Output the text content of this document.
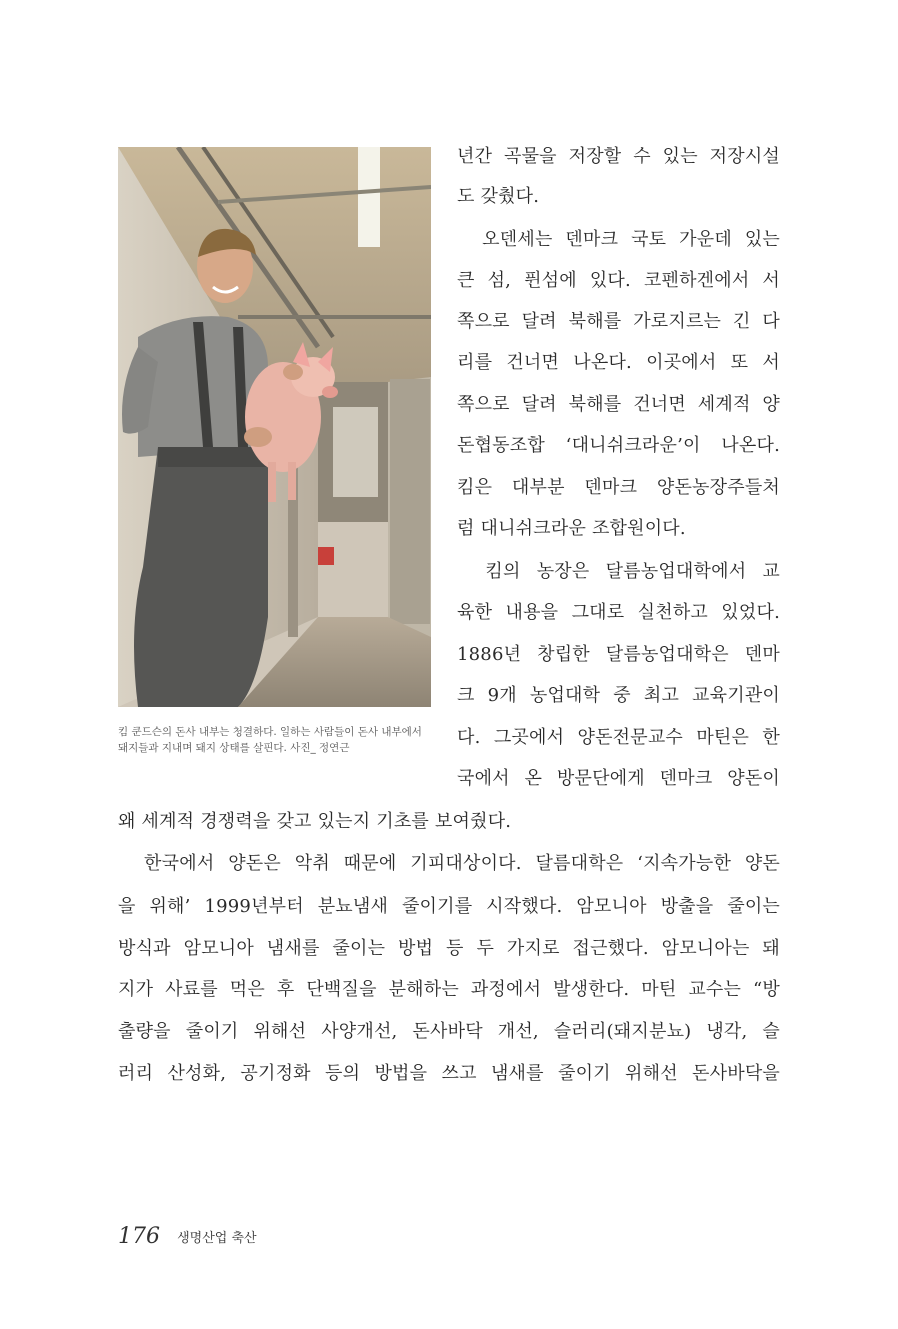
킴 쿤드슨의 돈사 내부는 청결하다. 일하는 사람들이 돈사 내부에서
돼지들과 지내며 돼지 상태를 살핀다. 사진_ 정연근
년간 곡물을 저장할 수 있는 저장시설
도 갖췄다.
　오덴세는 덴마크 국토 가운데 있는
큰 섬, 퓐섬에 있다. 코펜하겐에서 서
쪽으로 달려 북해를 가로지르는 긴 다
리를 건너면 나온다. 이곳에서 또 서
쪽으로 달려 북해를 건너면 세계적 양
돈협동조합 ‘대니쉬크라운’이 나온다.
킴은 대부분 덴마크 양돈농장주들처
럼 대니쉬크라운 조합원이다.
　킴의 농장은 달름농업대학에서 교
육한 내용을 그대로 실천하고 있었다.
1886년 창립한 달름농업대학은 덴마
크 9개 농업대학 중 최고 교육기관이
다. 그곳에서 양돈전문교수 마틴은 한
국에서 온 방문단에게 덴마크 양돈이
왜 세계적 경쟁력을 갖고 있는지 기초를 보여줬다.
　한국에서 양돈은 악취 때문에 기피대상이다. 달름대학은 ‘지속가능한 양돈
을 위해’ 1999년부터 분뇨냄새 줄이기를 시작했다. 암모니아 방출을 줄이는
방식과 암모니아 냄새를 줄이는 방법 등 두 가지로 접근했다. 암모니아는 돼
지가 사료를 먹은 후 단백질을 분해하는 과정에서 발생한다. 마틴 교수는 “방
출량을 줄이기 위해선 사양개선, 돈사바닥 개선, 슬러리(돼지분뇨) 냉각, 슬
러리 산성화, 공기정화 등의 방법을 쓰고 냄새를 줄이기 위해선 돈사바닥을
176 생명산업 축산
